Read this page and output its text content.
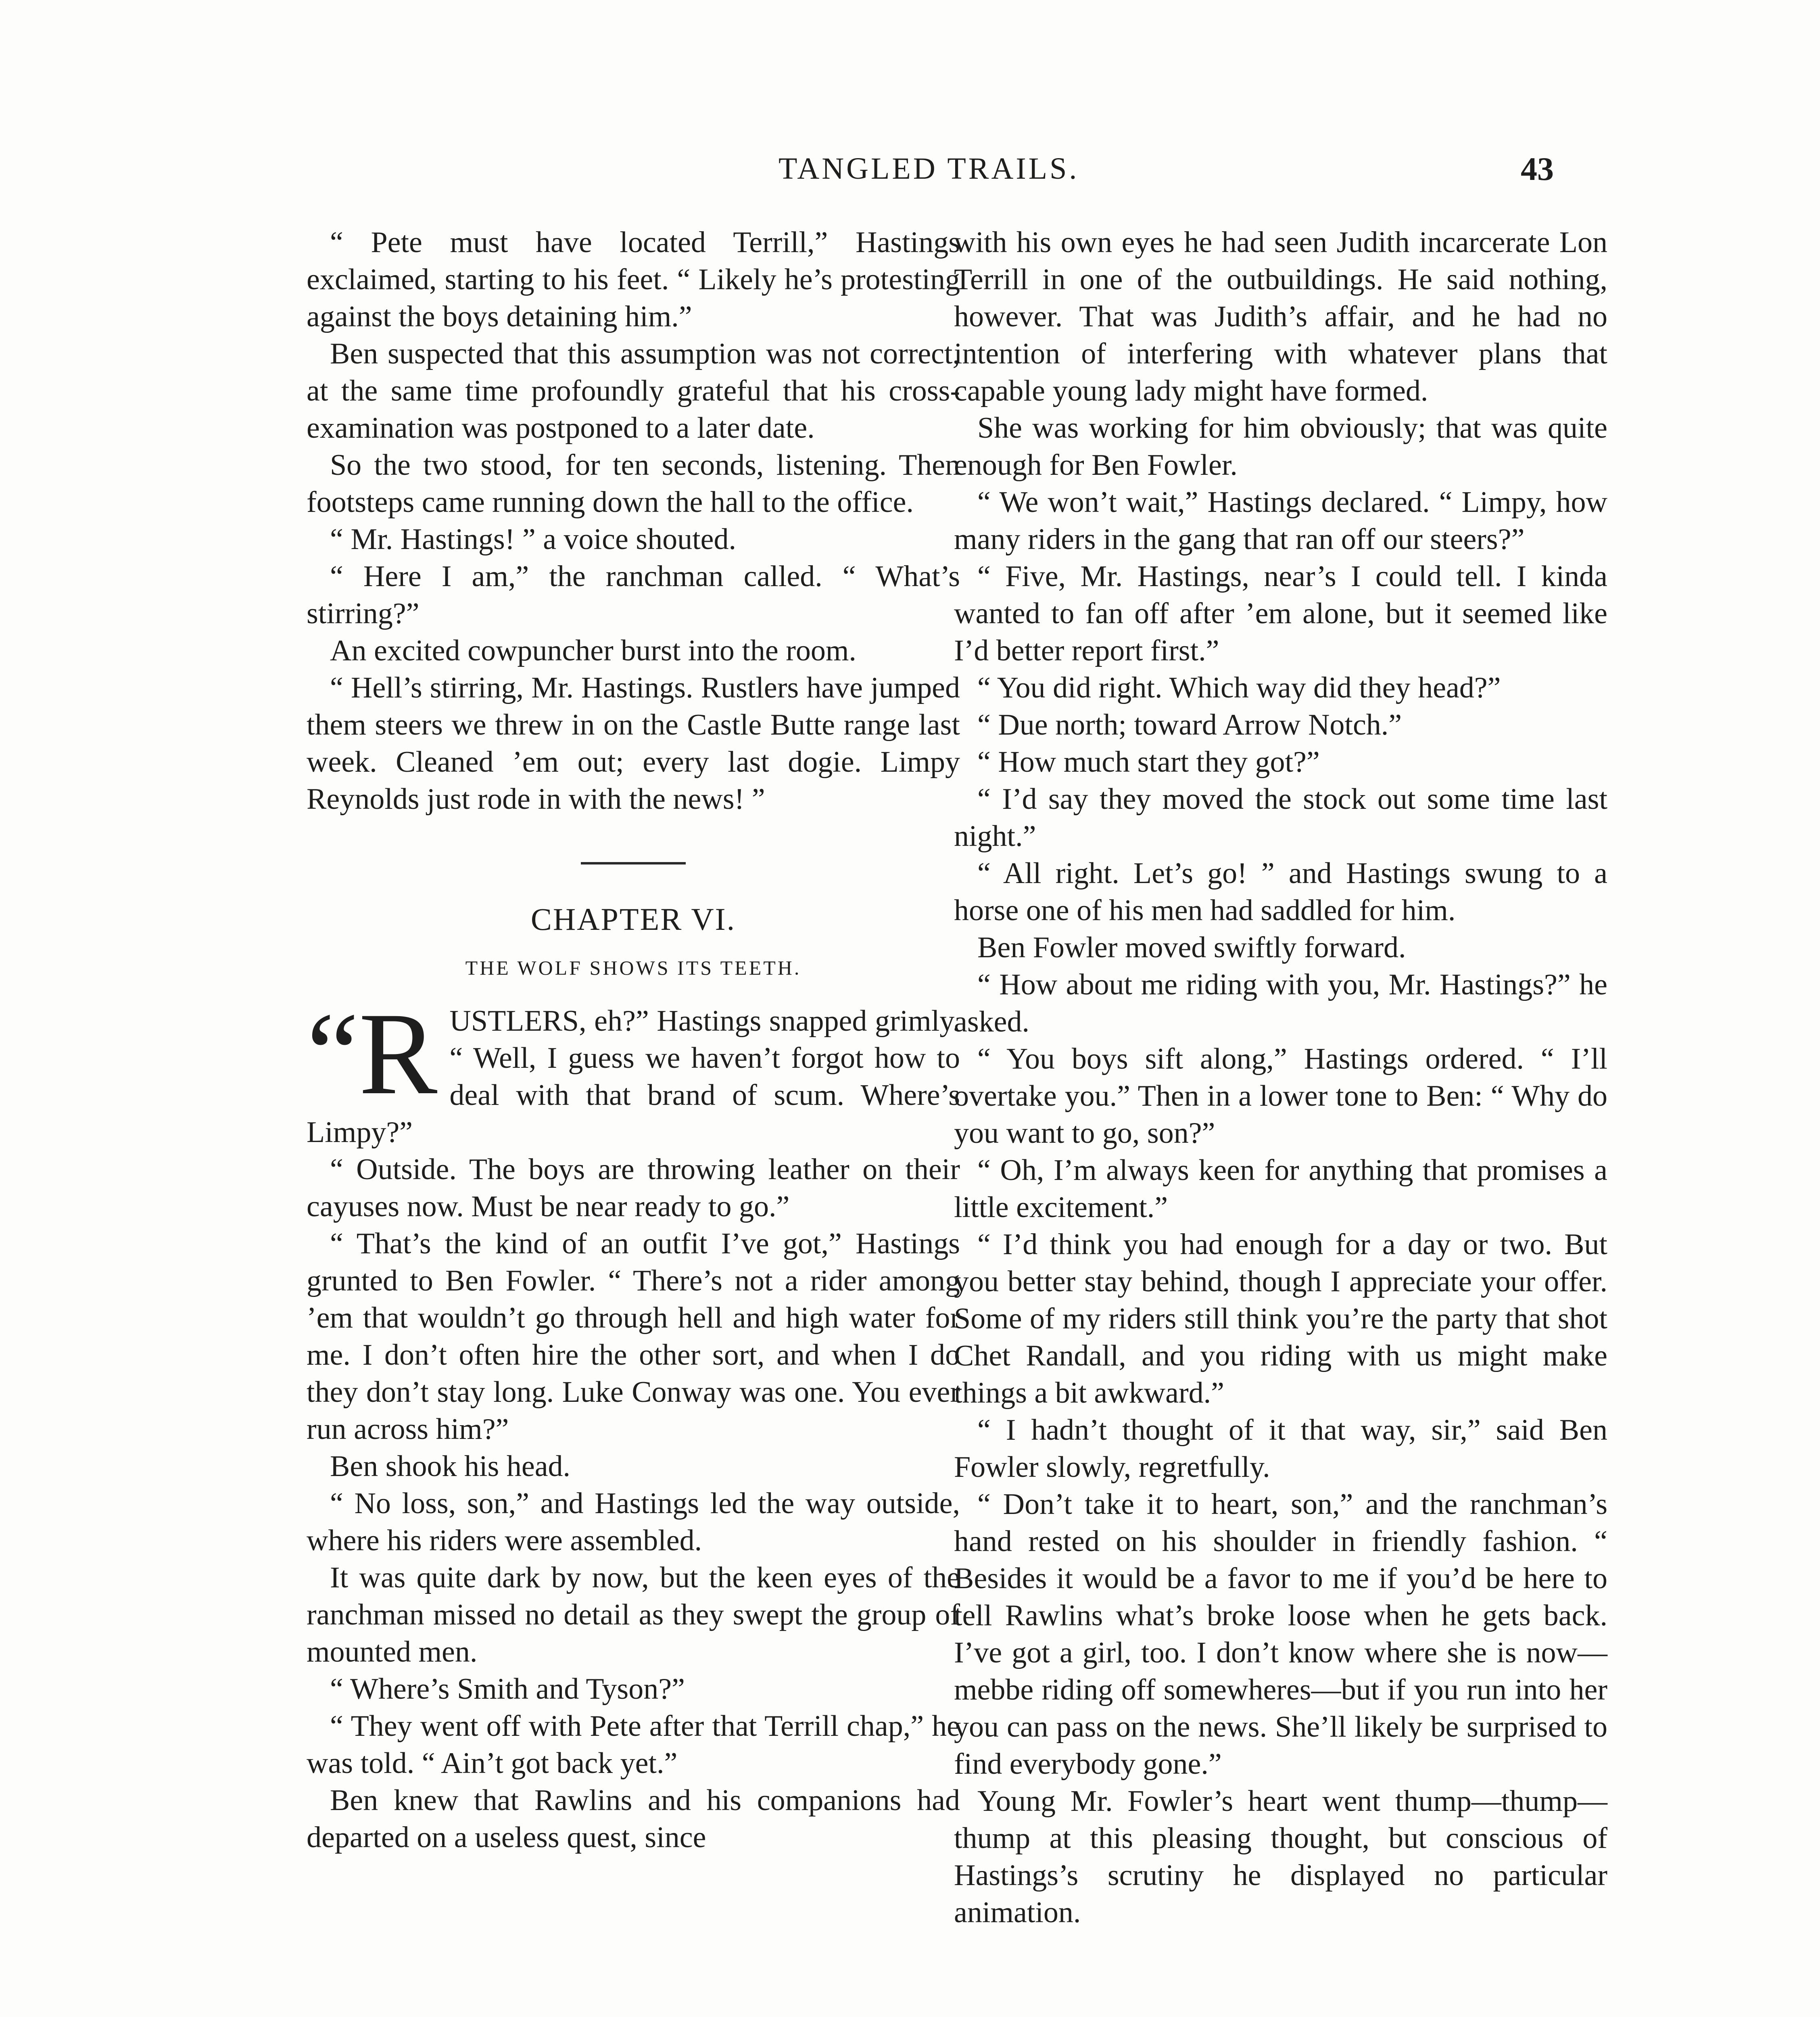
TANGLED TRAILS.	43

“ Pete must have located Terrill,” Hastings exclaimed, starting to his feet. “ Likely he’s protesting against the boys detaining him.”

Ben suspected that this assumption was not correct, at the same time profoundly grateful that his cross-examination was postponed to a later date.

So the two stood, for ten seconds, listening. Then footsteps came running down the hall to the office.

“ Mr. Hastings! ” a voice shouted.

“ Here I am,” the ranchman called. “ What’s stirring?”

An excited cowpuncher burst into the room.

“ Hell’s stirring, Mr. Hastings. Rustlers have jumped them steers we threw in on the Castle Butte range last week. Cleaned ’em out; every last dogie. Limpy Reynolds just rode in with the news! ”

CHAPTER VI.
THE WOLF SHOWS ITS TEETH.

“R USTLERS, eh?” Hastings snapped grimly. “ Well, I guess we haven’t forgot how to deal with that brand of scum. Where’s Limpy?”

“ Outside. The boys are throwing leather on their cayuses now. Must be near ready to go.”

“ That’s the kind of an outfit I’ve got,” Hastings grunted to Ben Fowler. “ There’s not a rider among ’em that wouldn’t go through hell and high water for me. I don’t often hire the other sort, and when I do they don’t stay long. Luke Conway was one. You ever run across him?”

Ben shook his head.

“ No loss, son,” and Hastings led the way outside, where his riders were assembled.

It was quite dark by now, but the keen eyes of the ranchman missed no detail as they swept the group of mounted men.

“ Where’s Smith and Tyson?”

“ They went off with Pete after that Terrill chap,” he was told. “ Ain’t got back yet.”

Ben knew that Rawlins and his companions had departed on a useless quest, since

with his own eyes he had seen Judith incarcerate Lon Terrill in one of the outbuildings. He said nothing, however. That was Judith’s affair, and he had no intention of interfering with whatever plans that capable young lady might have formed.

She was working for him obviously; that was quite enough for Ben Fowler.

“ We won’t wait,” Hastings declared. “ Limpy, how many riders in the gang that ran off our steers?”

“ Five, Mr. Hastings, near’s I could tell. I kinda wanted to fan off after ’em alone, but it seemed like I’d better report first.”

“ You did right. Which way did they head?”

“ Due north; toward Arrow Notch.”

“ How much start they got?”

“ I’d say they moved the stock out some time last night.”

“ All right. Let’s go! ” and Hastings swung to a horse one of his men had saddled for him.

Ben Fowler moved swiftly forward.

“ How about me riding with you, Mr. Hastings?” he asked.

“ You boys sift along,” Hastings ordered. “ I’ll overtake you.” Then in a lower tone to Ben: “ Why do you want to go, son?”

“ Oh, I’m always keen for anything that promises a little excitement.”

“ I’d think you had enough for a day or two. But you better stay behind, though I appreciate your offer. Some of my riders still think you’re the party that shot Chet Randall, and you riding with us might make things a bit awkward.”

“ I hadn’t thought of it that way, sir,” said Ben Fowler slowly, regretfully.

“ Don’t take it to heart, son,” and the ranchman’s hand rested on his shoulder in friendly fashion. “ Besides it would be a favor to me if you’d be here to tell Rawlins what’s broke loose when he gets back. I’ve got a girl, too. I don’t know where she is now—mebbe riding off somewheres—but if you run into her you can pass on the news. She’ll likely be surprised to find everybody gone.”

Young Mr. Fowler’s heart went thump—thump—thump at this pleasing thought, but conscious of Hastings’s scrutiny he displayed no particular animation.
